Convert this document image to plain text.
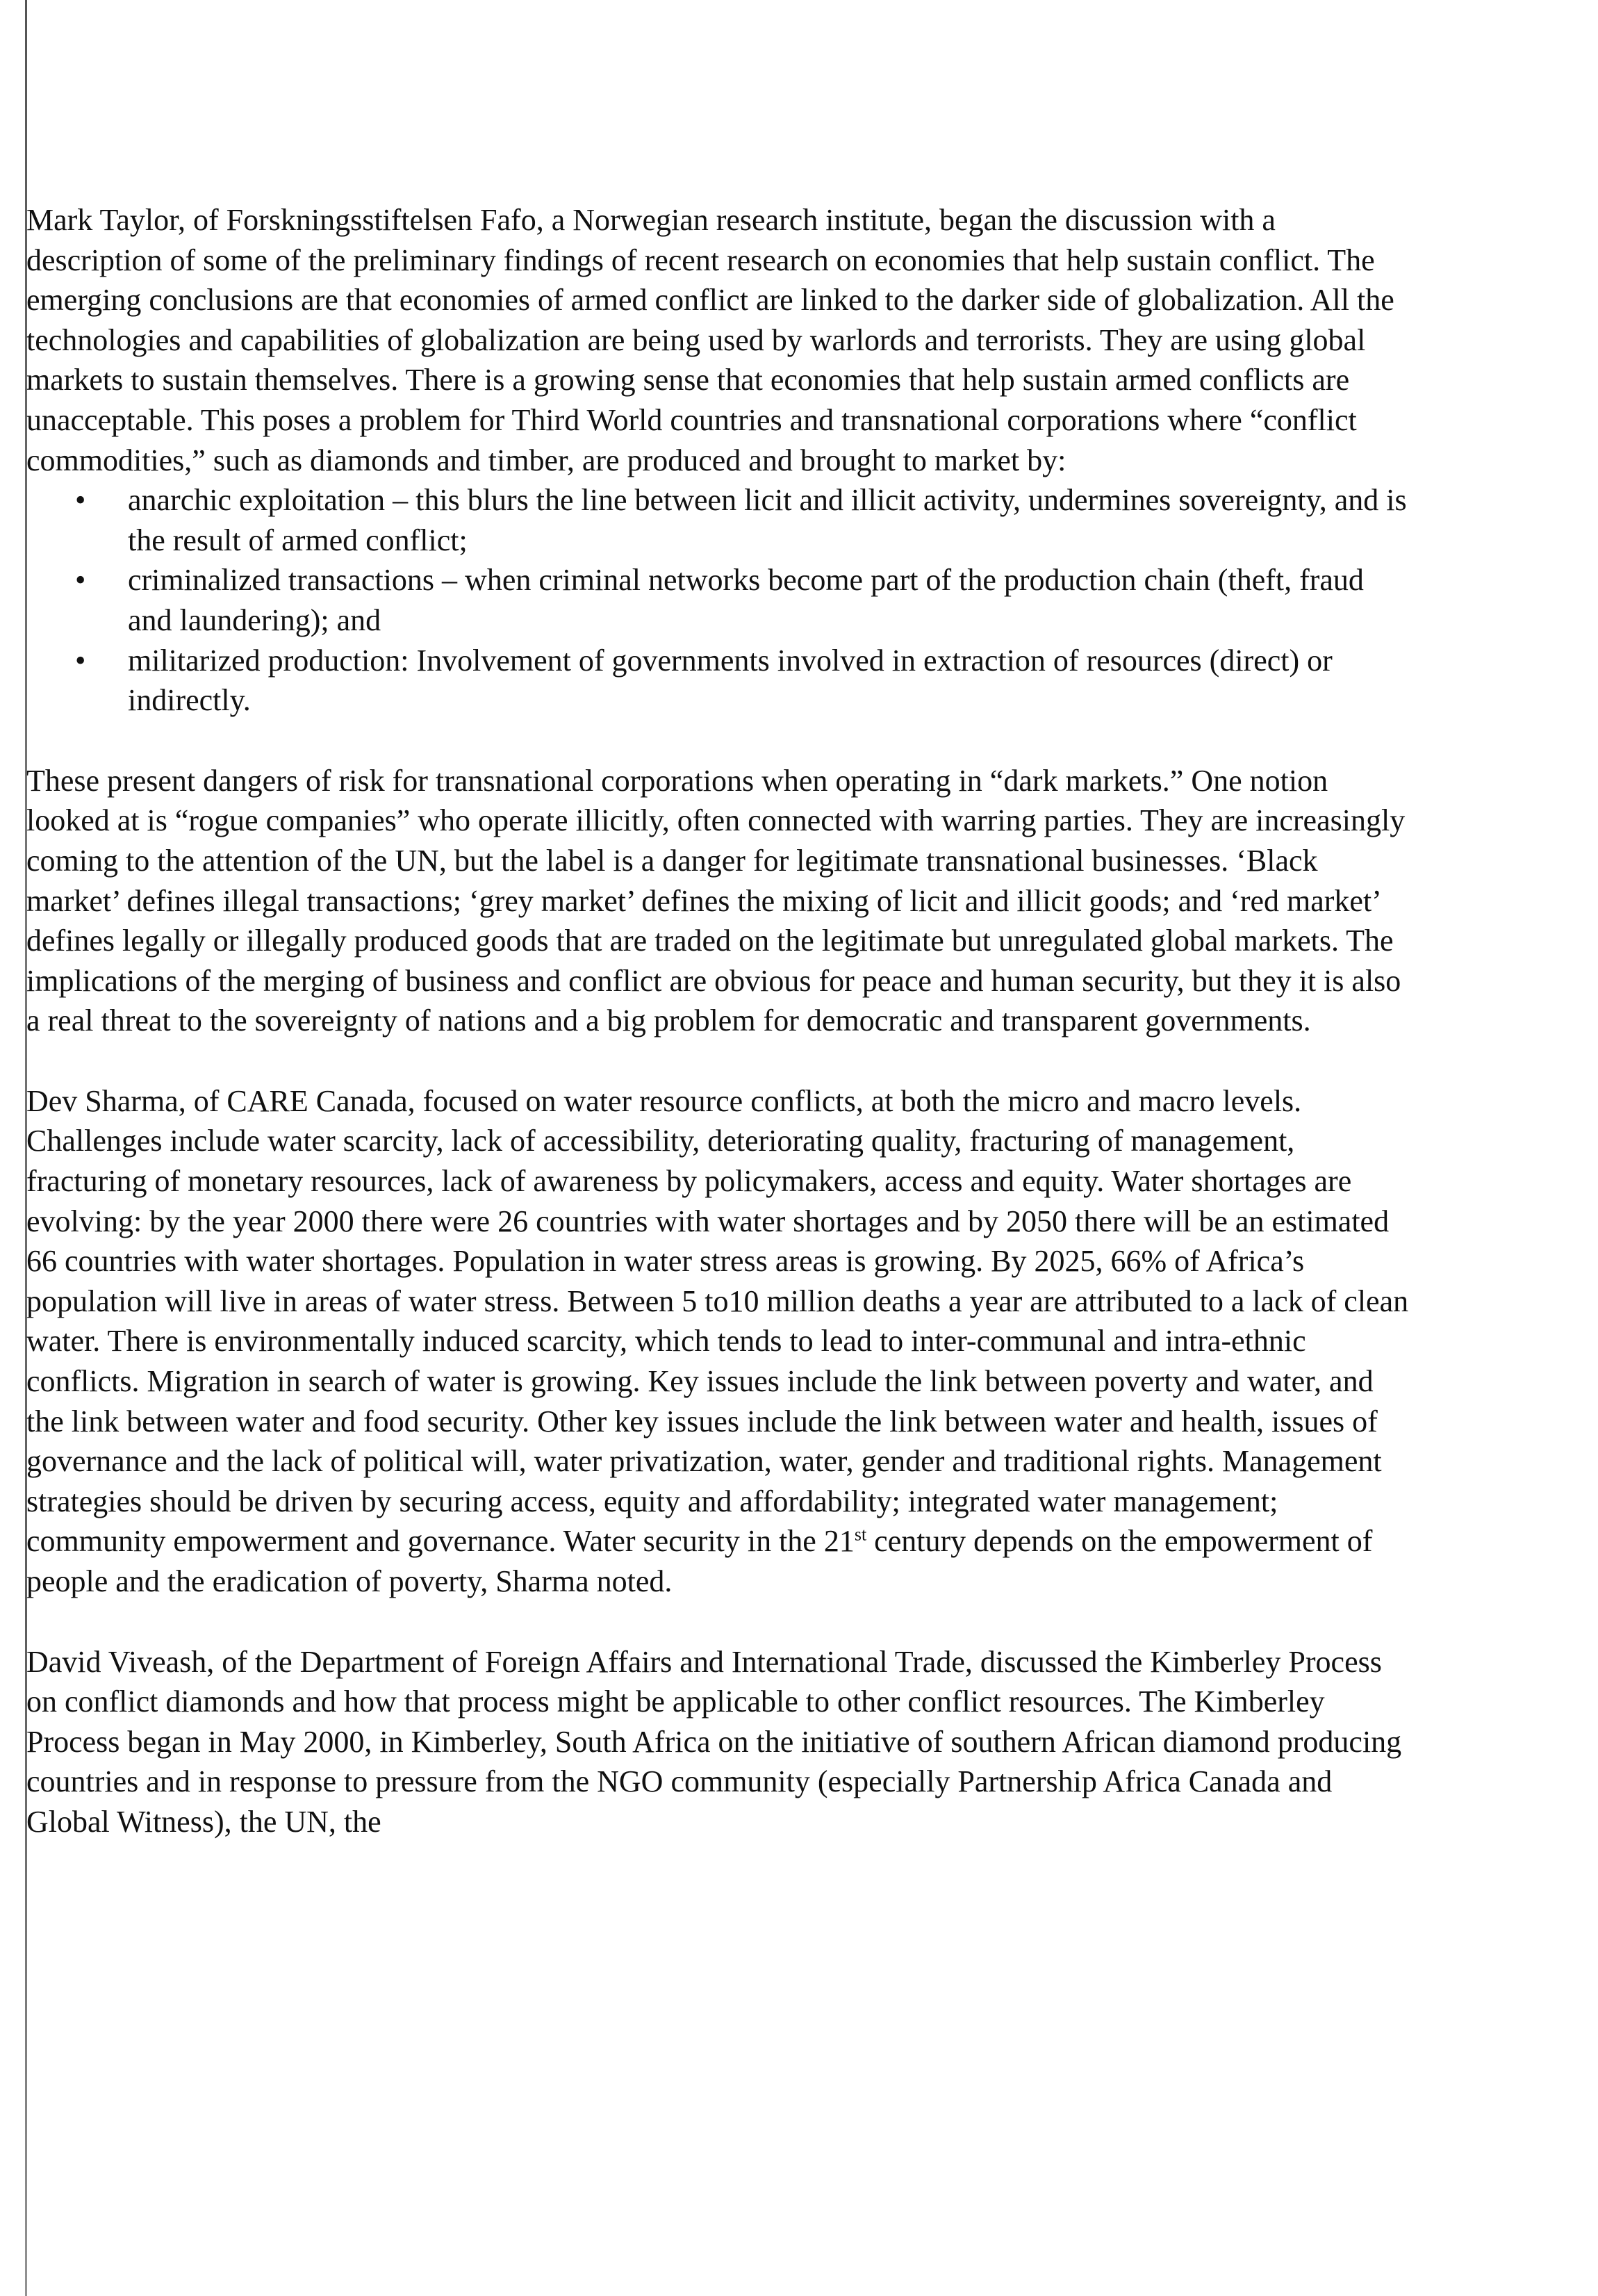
Mark Taylor, of Forskningsstiftelsen Fafo, a Norwegian research institute, began the discussion with a description of some of the preliminary findings of recent research on economies that help sustain conflict. The emerging conclusions are that economies of armed conflict are linked to the darker side of globalization. All the technologies and capabilities of globalization are being used by warlords and terrorists. They are using global markets to sustain themselves. There is a growing sense that economies that help sustain armed conflicts are unacceptable. This poses a problem for Third World countries and transnational corporations where “conflict commodities,” such as diamonds and timber, are produced and brought to market by:

• anarchic exploitation – this blurs the line between licit and illicit activity, undermines sovereignty, and is the result of armed conflict;
• criminalized transactions – when criminal networks become part of the production chain (theft, fraud and laundering); and
• militarized production: Involvement of governments involved in extraction of resources (direct) or indirectly.

These present dangers of risk for transnational corporations when operating in “dark markets.” One notion looked at is “rogue companies” who operate illicitly, often connected with warring parties. They are increasingly coming to the attention of the UN, but the label is a danger for legitimate transnational businesses. ‘Black market’ defines illegal transactions; ‘grey market’ defines the mixing of licit and illicit goods; and ‘red market’ defines legally or illegally produced goods that are traded on the legitimate but unregulated global markets. The implications of the merging of business and conflict are obvious for peace and human security, but they it is also a real threat to the sovereignty of nations and a big problem for democratic and transparent governments.

Dev Sharma, of CARE Canada, focused on water resource conflicts, at both the micro and macro levels. Challenges include water scarcity, lack of accessibility, deteriorating quality, fracturing of management, fracturing of monetary resources, lack of awareness by policymakers, access and equity. Water shortages are evolving: by the year 2000 there were 26 countries with water shortages and by 2050 there will be an estimated 66 countries with water shortages. Population in water stress areas is growing. By 2025, 66% of Africa’s population will live in areas of water stress. Between 5 to10 million deaths a year are attributed to a lack of clean water. There is environmentally induced scarcity, which tends to lead to inter-communal and intra-ethnic conflicts. Migration in search of water is growing. Key issues include the link between poverty and water, and the link between water and food security. Other key issues include the link between water and health, issues of governance and the lack of political will, water privatization, water, gender and traditional rights. Management strategies should be driven by securing access, equity and affordability; integrated water management; community empowerment and governance. Water security in the 21st century depends on the empowerment of people and the eradication of poverty, Sharma noted.

David Viveash, of the Department of Foreign Affairs and International Trade, discussed the Kimberley Process on conflict diamonds and how that process might be applicable to other conflict resources. The Kimberley Process began in May 2000, in Kimberley, South Africa on the initiative of southern African diamond producing countries and in response to pressure from the NGO community (especially Partnership Africa Canada and Global Witness), the UN, the
